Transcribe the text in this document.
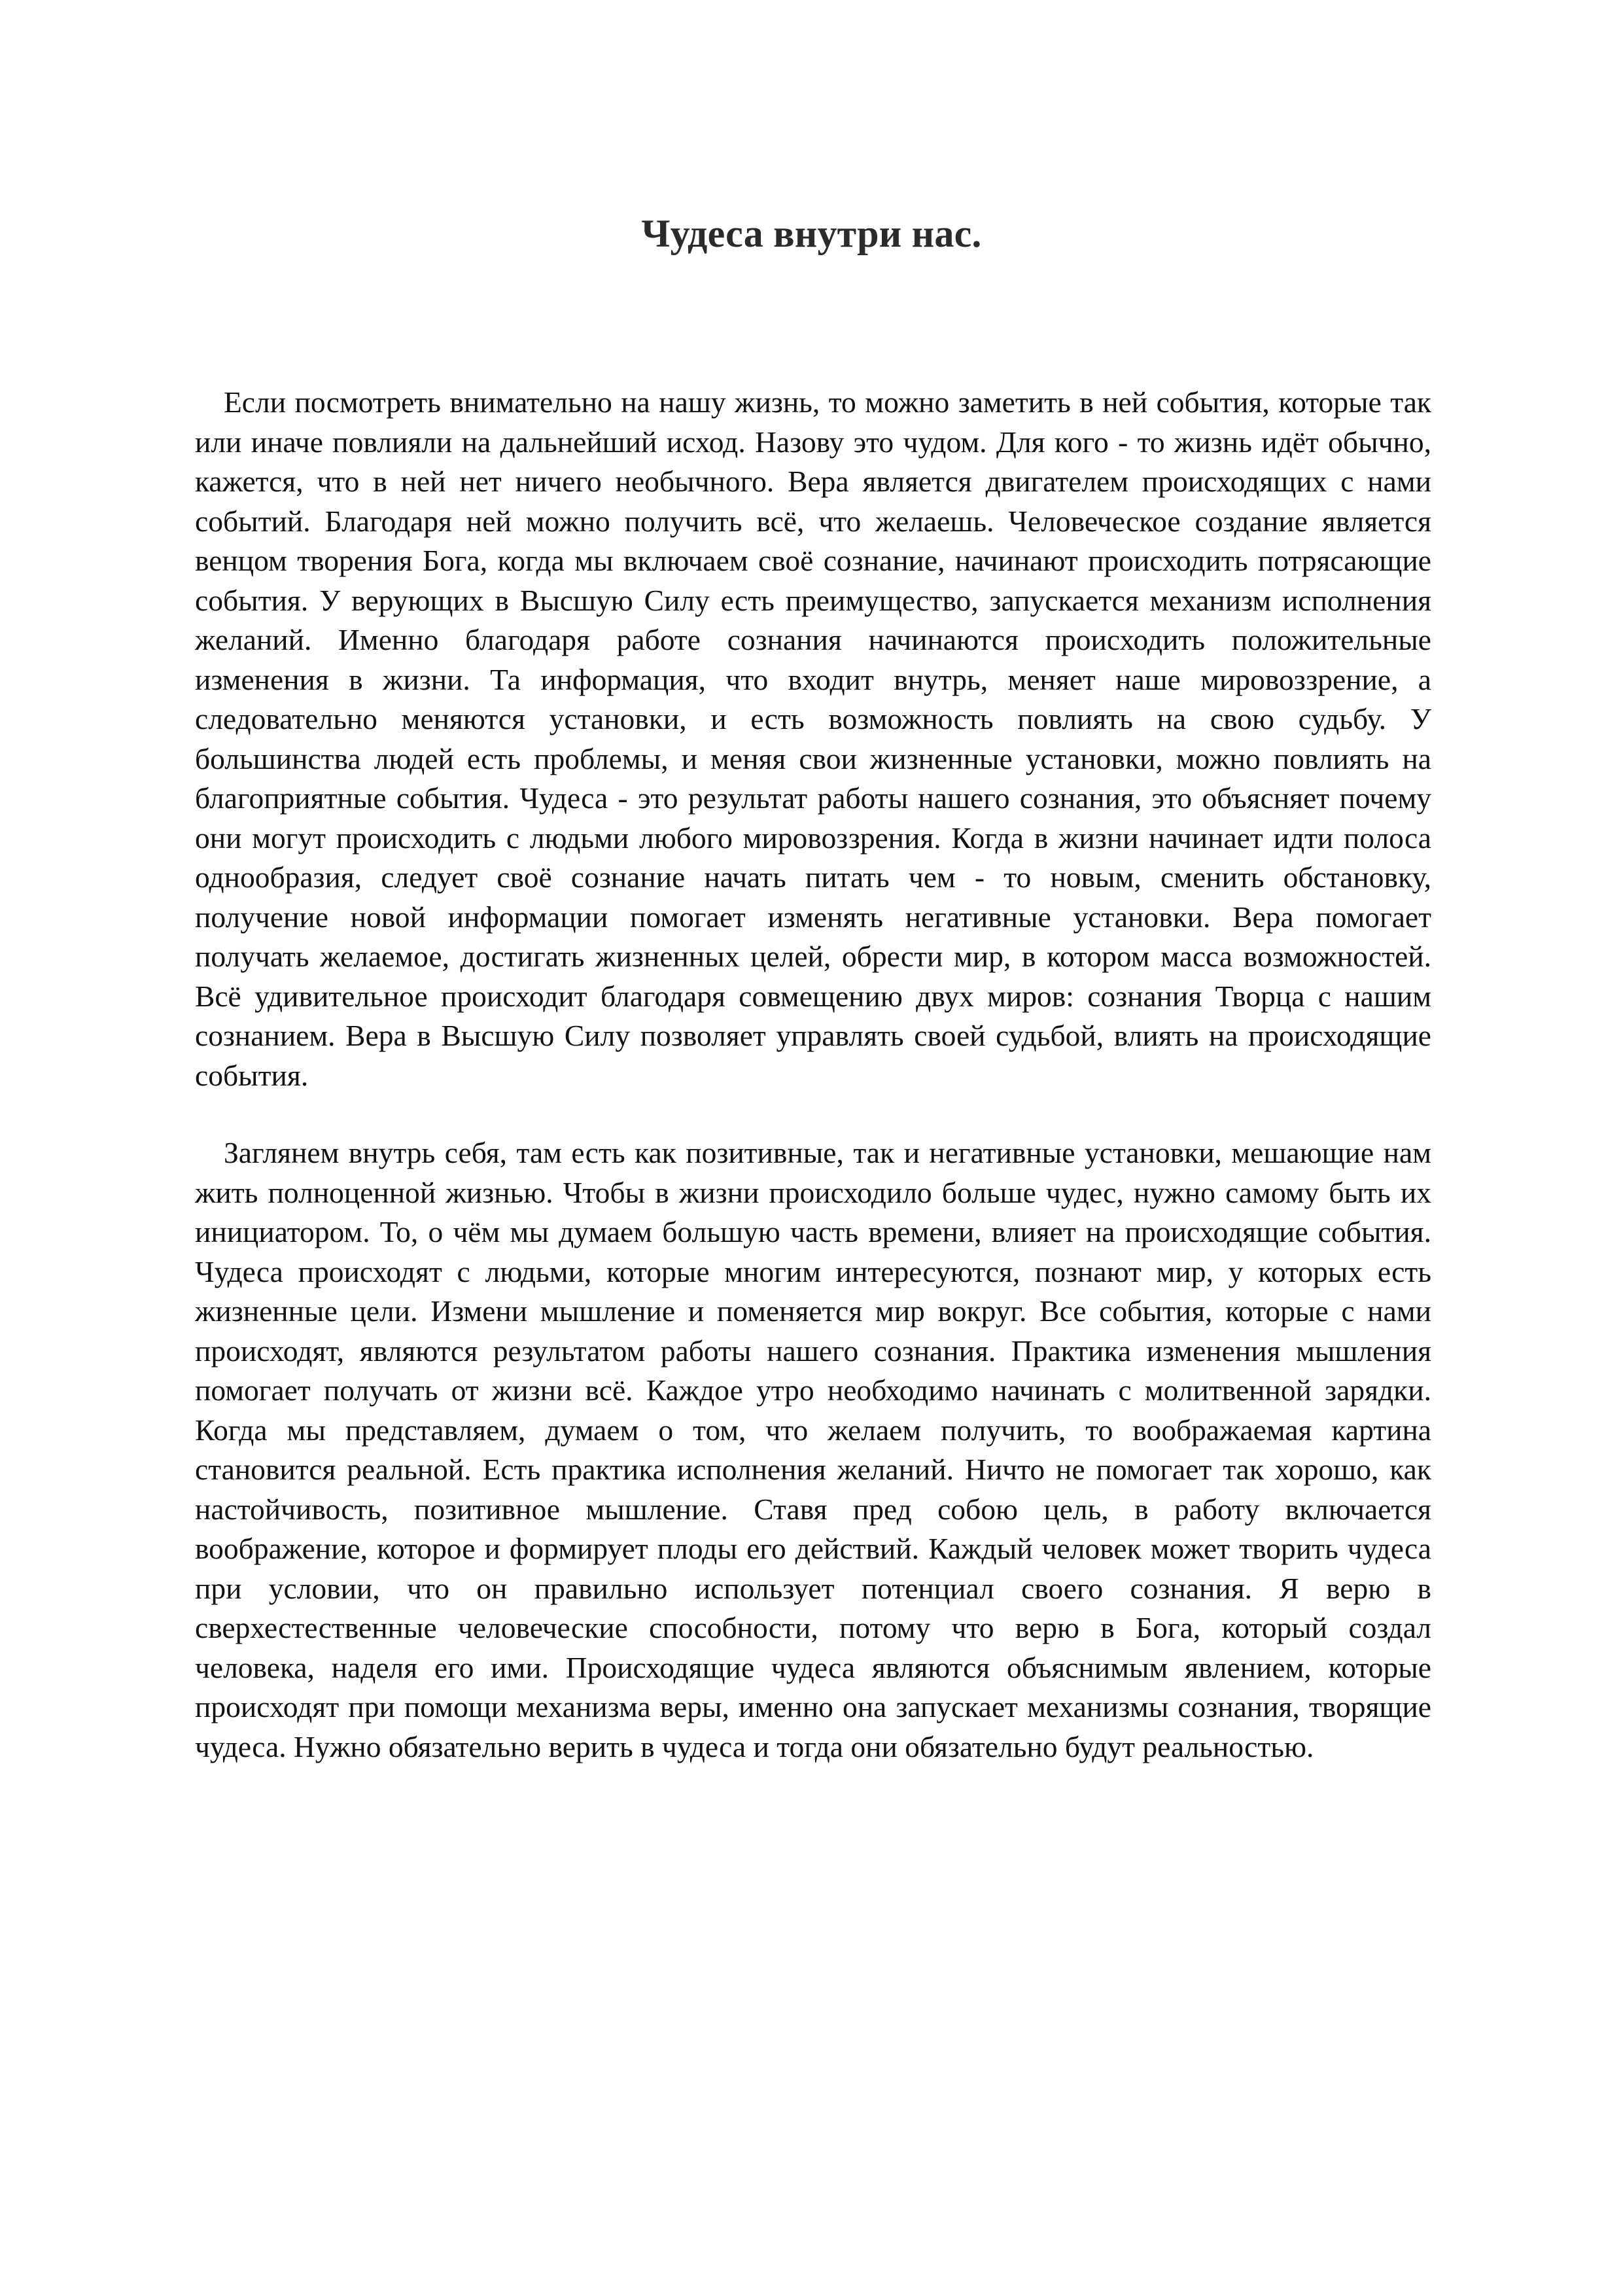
Чудеса внутри нас.

Если посмотреть внимательно на нашу жизнь, то можно заметить в ней события, которые так или иначе повлияли на дальнейший исход. Назову это чудом. Для кого - то жизнь идёт обычно, кажется, что в ней нет ничего необычного. Вера является двигателем происходящих с нами событий. Благодаря ней можно получить всё, что желаешь. Человеческое создание является венцом творения Бога, когда мы включаем своё сознание, начинают происходить потрясающие события. У верующих в Высшую Силу есть преимущество, запускается механизм исполнения желаний. Именно благодаря работе сознания начинаются происходить положительные изменения в жизни. Та информация, что входит внутрь, меняет наше мировоззрение, а следовательно меняются установки, и есть возможность повлиять на свою судьбу. У большинства людей есть проблемы, и меняя свои жизненные установки, можно повлиять на благоприятные события. Чудеса - это результат работы нашего сознания, это объясняет почему они могут происходить с людьми любого мировоззрения. Когда в жизни начинает идти полоса однообразия, следует своё сознание начать питать чем - то новым, сменить обстановку, получение новой информации помогает изменять негативные установки. Вера помогает получать желаемое, достигать жизненных целей, обрести мир, в котором масса возможностей. Всё удивительное происходит благодаря совмещению двух миров: сознания Творца с нашим сознанием. Вера в Высшую Силу позволяет управлять своей судьбой, влиять на происходящие события.

Заглянем внутрь себя, там есть как позитивные, так и негативные установки, мешающие нам жить полноценной жизнью. Чтобы в жизни происходило больше чудес, нужно самому быть их инициатором. То, о чём мы думаем большую часть времени, влияет на происходящие события. Чудеса происходят с людьми, которые многим интересуются, познают мир, у которых есть жизненные цели. Измени мышление и поменяется мир вокруг. Все события, которые с нами происходят, являются результатом работы нашего сознания. Практика изменения мышления помогает получать от жизни всё. Каждое утро необходимо начинать с молитвенной зарядки. Когда мы представляем, думаем о том, что желаем получить, то воображаемая картина становится реальной. Есть практика исполнения желаний. Ничто не помогает так хорошо, как настойчивость, позитивное мышление. Ставя пред собою цель, в работу включается воображение, которое и формирует плоды его действий. Каждый человек может творить чудеса при условии, что он правильно использует потенциал своего сознания. Я верю в сверхестественные человеческие способности, потому что верю в Бога, который создал человека, наделя его ими. Происходящие чудеса являются объяснимым явлением, которые происходят при помощи механизма веры, именно она запускает механизмы сознания, творящие чудеса. Нужно обязательно верить в чудеса и тогда они обязательно будут реальностью.
